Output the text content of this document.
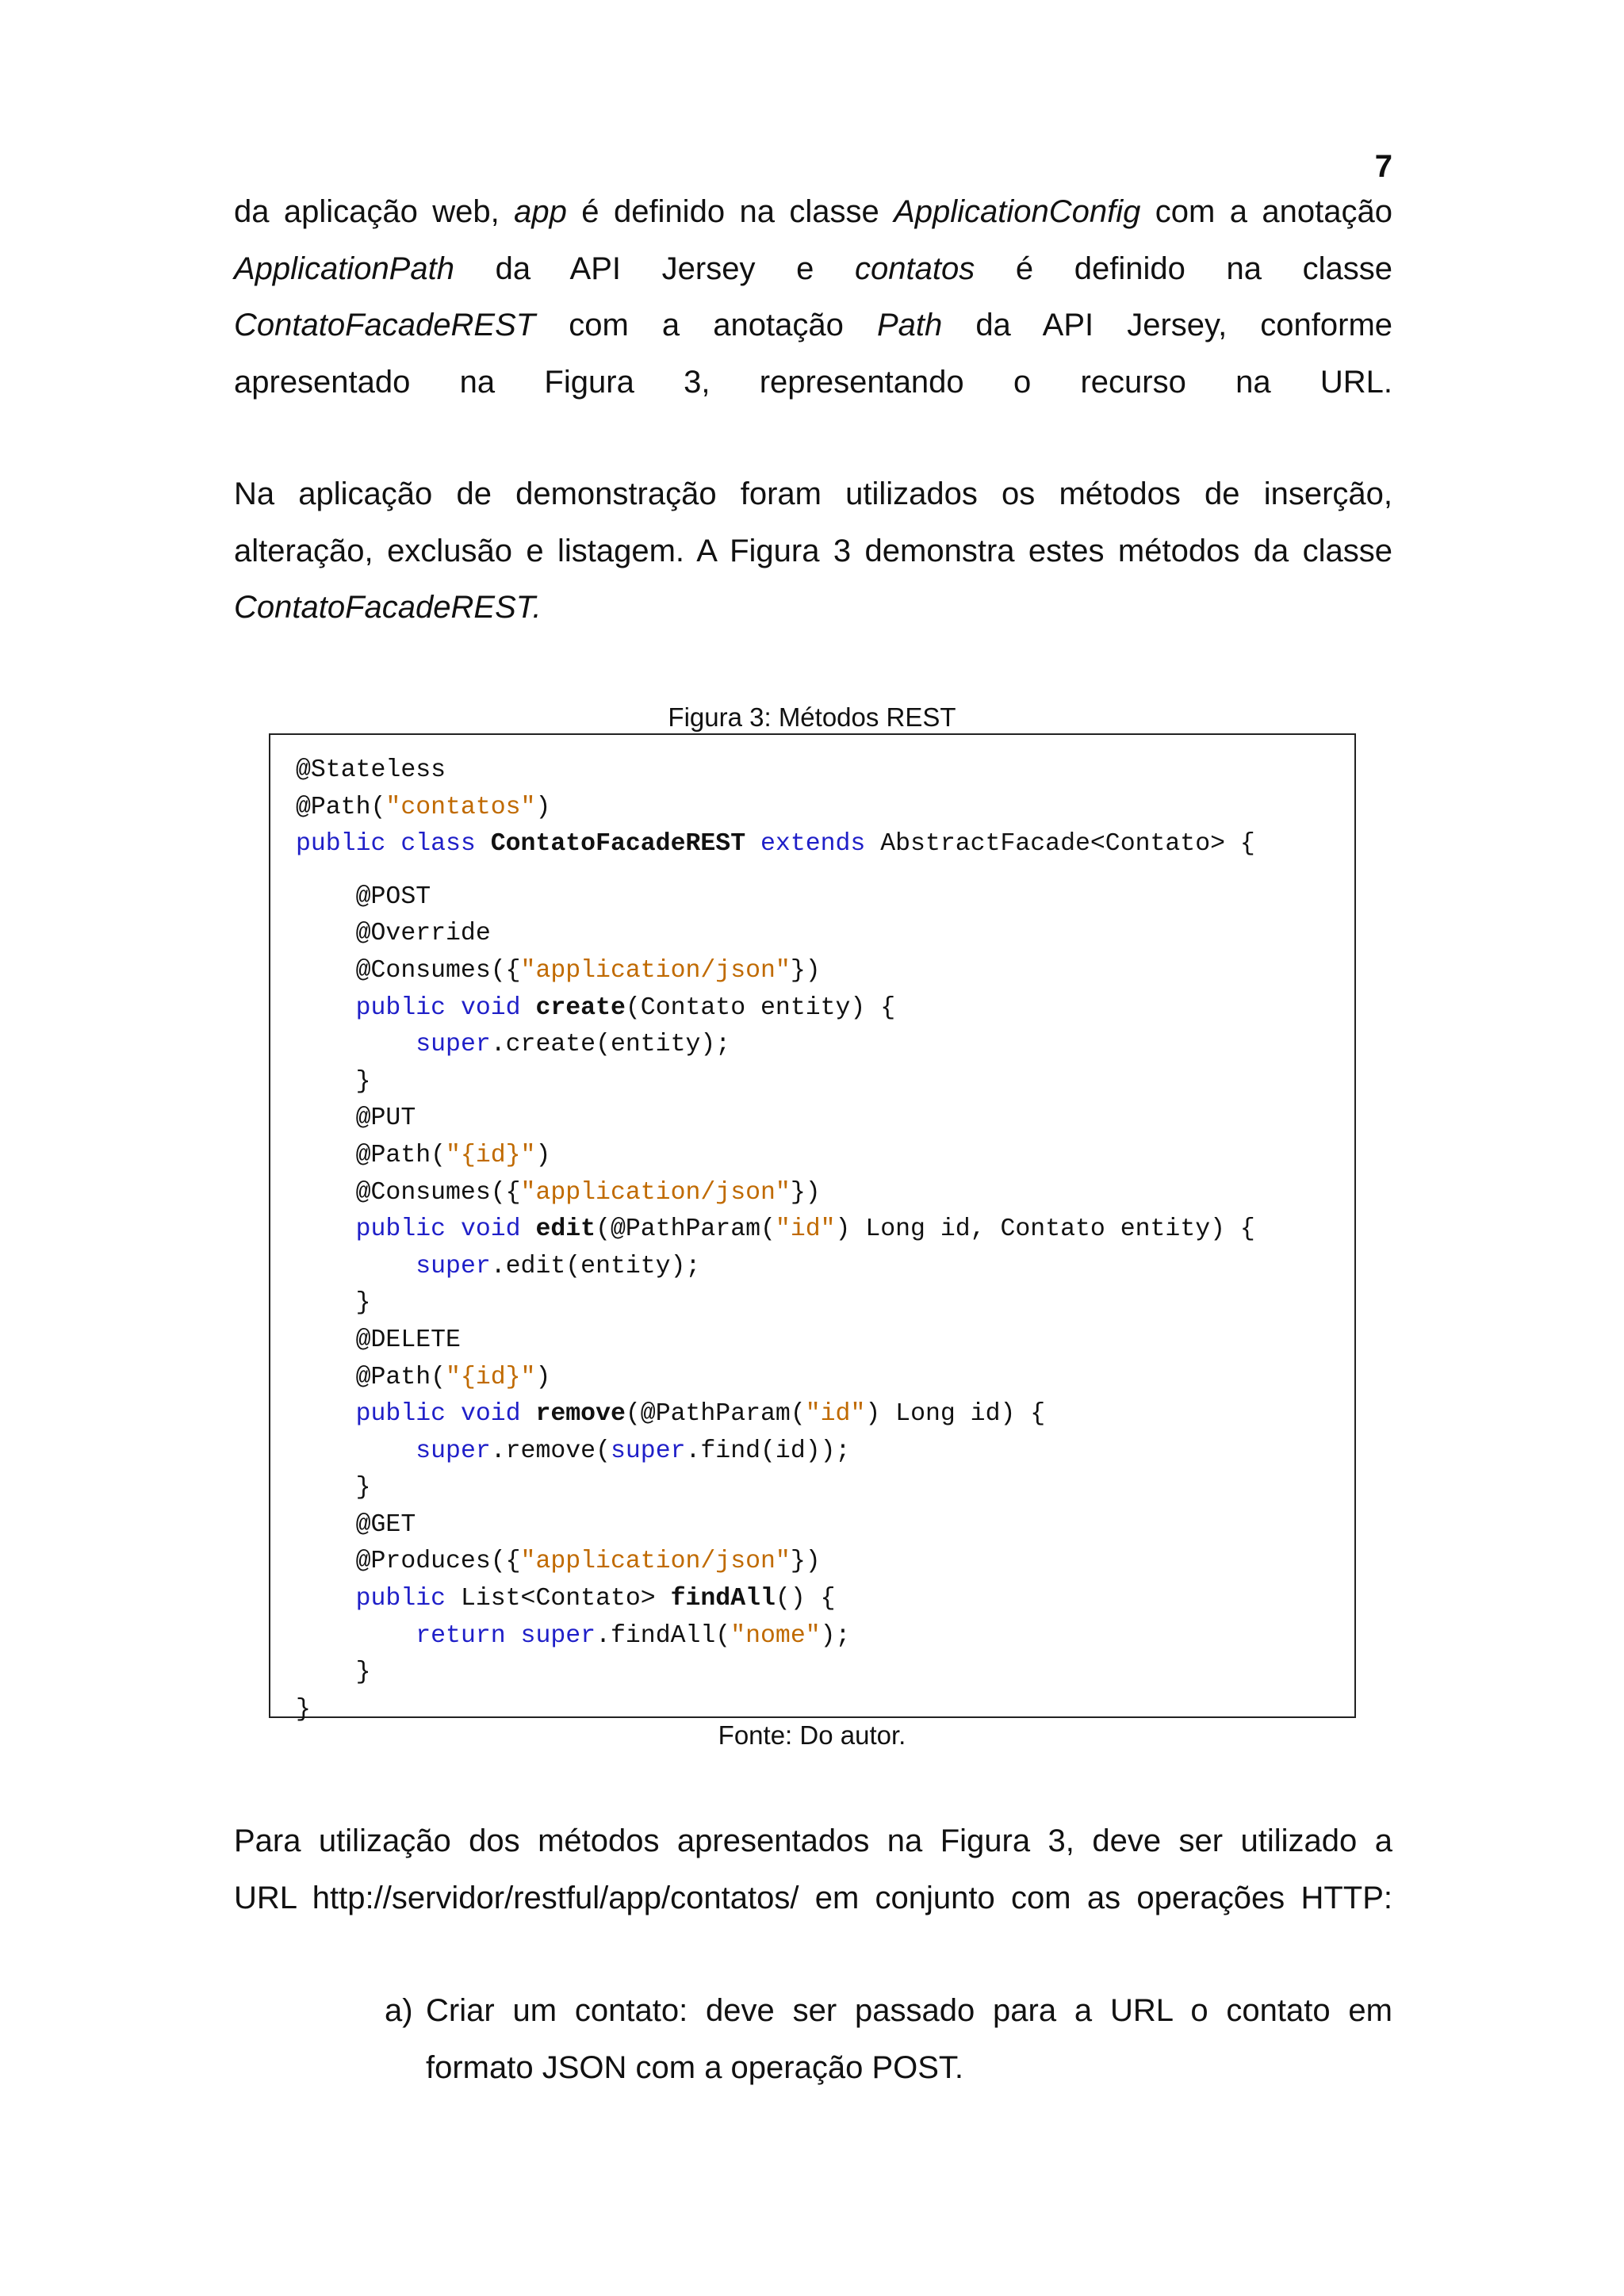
7
da aplicação web, app é definido na classe ApplicationConfig com a anotação
ApplicationPath da API Jersey e contatos é definido na classe
ContatoFacadeREST com a anotação Path da API Jersey, conforme
apresentado na Figura 3, representando o recurso na URL.
Na aplicação de demonstração foram utilizados os métodos de inserção,
alteração, exclusão e listagem. A Figura 3 demonstra estes métodos da classe
ContatoFacadeREST.
Figura 3: Métodos REST
@Stateless
@Path("contatos")
public class ContatoFacadeREST extends AbstractFacade<Contato> {

@POST
@Override
@Consumes({"application/json"})
public void create(Contato entity) {
super.create(entity);
}
@PUT
@Path("{id}")
@Consumes({"application/json"})
public void edit(@PathParam("id") Long id, Contato entity) {
super.edit(entity);
}
@DELETE
@Path("{id}")
public void remove(@PathParam("id") Long id) {
super.remove(super.find(id));
}
@GET
@Produces({"application/json"})
public List<Contato> findAll() {
return super.findAll("nome");
}
}
Fonte: Do autor.
Para utilização dos métodos apresentados na Figura 3, deve ser utilizado a
URL http://servidor/restful/app/contatos/ em conjunto com as operações HTTP:
a) Criar um contato: deve ser passado para a URL o contato em
formato JSON com a operação POST.
